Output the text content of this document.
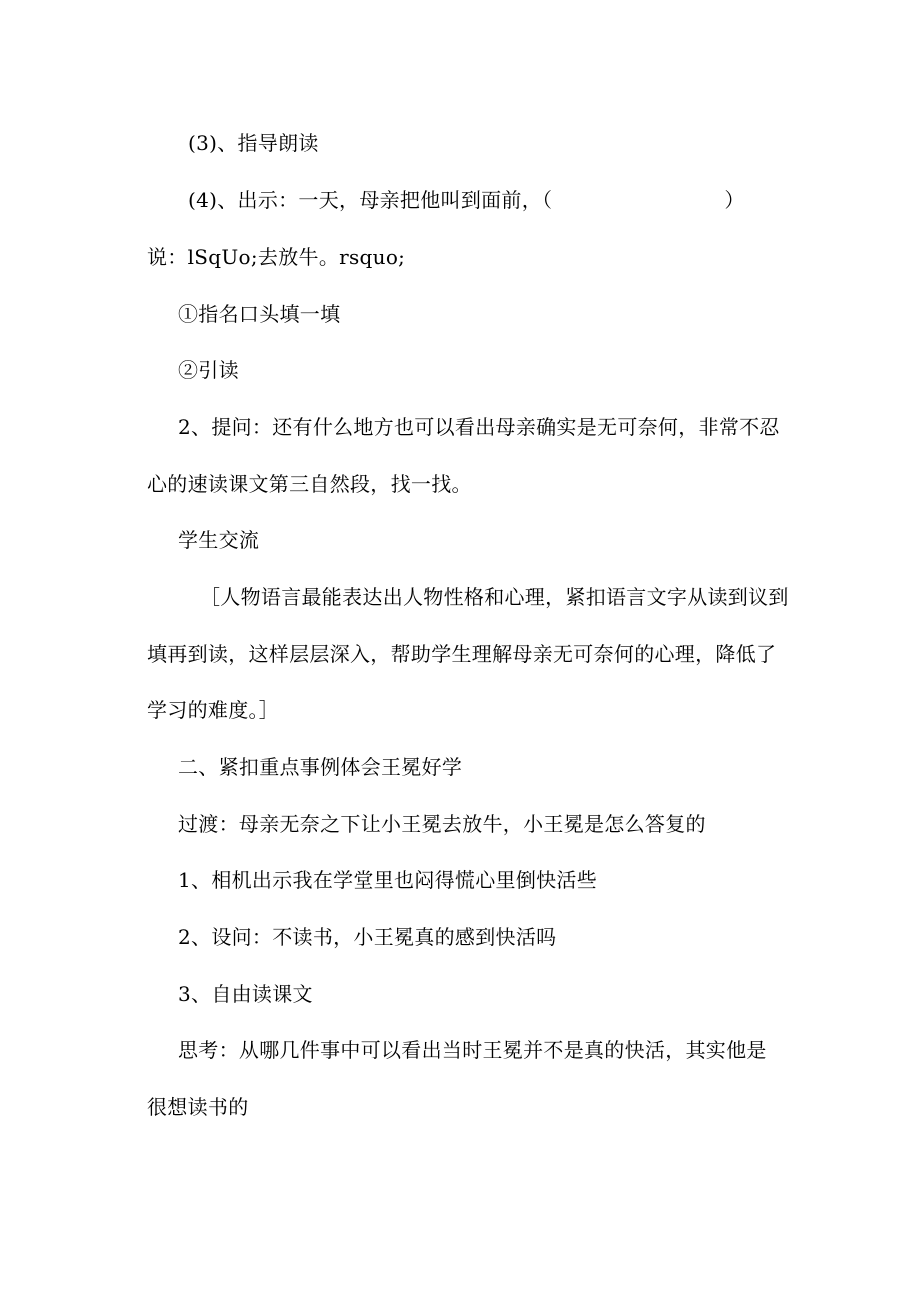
(3)、指导朗读
(4)、出示：一天，母亲把他叫到面前，（	）
说：lSqUo;去放牛。rsquo;
①指名口头填一填
②引读
2、提问：还有什么地方也可以看出母亲确实是无可奈何，非常不忍
心的速读课文第三自然段，找一找。
学生交流
［人物语言最能表达出人物性格和心理，紧扣语言文字从读到议到
填再到读，这样层层深入，帮助学生理解母亲无可奈何的心理，降低了
学习的难度。］
二、紧扣重点事例体会王冕好学
过渡：母亲无奈之下让小王冕去放牛，小王冕是怎么答复的
1、相机出示我在学堂里也闷得慌心里倒快活些
2、设问：不读书，小王冕真的感到快活吗
3、自由读课文
思考：从哪几件事中可以看出当时王冕并不是真的快活，其实他是
很想读书的
